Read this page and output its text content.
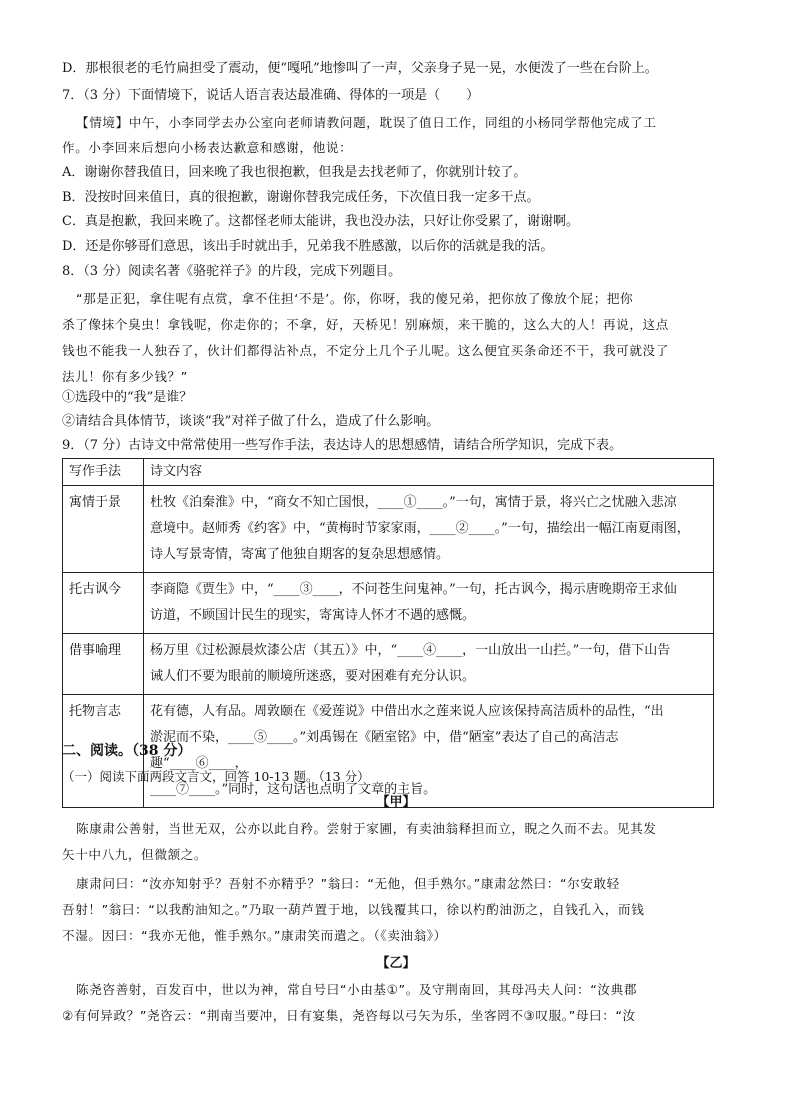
D．那根很老的毛竹扁担受了震动，便“嘎吼”地惨叫了一声，父亲身子晃一晃，水便泼了一些在台阶上。
7．（3 分）下面情境下，说话人语言表达最准确、得体的一项是（　　）
【情境】中午，小李同学去办公室向老师请教问题，耽误了值日工作，同组的小杨同学帮他完成了工
作。小李回来后想向小杨表达歉意和感谢，他说：
A．谢谢你替我值日，回来晚了我也很抱歉，但我是去找老师了，你就别计较了。
B．没按时回来值日，真的很抱歉，谢谢你替我完成任务，下次值日我一定多干点。
C．真是抱歉，我回来晚了。这都怪老师太能讲，我也没办法，只好让你受累了，谢谢啊。
D．还是你够哥们意思，该出手时就出手，兄弟我不胜感激，以后你的活就是我的活。
8．（3 分）阅读名著《骆驼祥子》的片段，完成下列题目。
“那是正犯，拿住呢有点赏，拿不住担‘不是’。你，你呀，我的傻兄弟，把你放了像放个屁；把你
杀了像抹个臭虫！拿钱呢，你走你的；不拿，好，天桥见！别麻烦，来干脆的，这么大的人！再说，这点
钱也不能我一人独吞了，伙计们都得沾补点，不定分上几个子儿呢。这么便宜买条命还不干，我可就没了
法儿！你有多少钱？”
①选段中的“我”是谁？
②请结合具体情节，谈谈“我”对祥子做了什么，造成了什么影响。
9．（7 分）古诗文中常常使用一些写作手法，表达诗人的思想感情，请结合所学知识，完成下表。
写作手法	诗文内容
寓情于景	杜牧《泊秦淮》中，“商女不知亡国恨，____①____。”一句，寓情于景，将兴亡之忧融入悲凉
意境中。赵师秀《约客》中，“黄梅时节家家雨，____②____。”一句，描绘出一幅江南夏雨图，
诗人写景寄情，寄寓了他独自期客的复杂思想感情。

托古讽今	李商隐《贾生》中，“____③____，不问苍生问鬼神。”一句，托古讽今，揭示唐晚期帝王求仙
访道，不顾国计民生的现实，寄寓诗人怀才不遇的感慨。

借事喻理	杨万里《过松源晨炊漆公店（其五）》中，“____④____，一山放出一山拦。”一句，借下山告
诫人们不要为眼前的顺境所迷惑，要对困难有充分认识。

托物言志	花有德，人有品。周敦颐在《爱莲说》中借出水之莲来说人应该保持高洁质朴的品性，“出
淤泥而不染，____⑤____。”刘禹锡在《陋室铭》中，借“陋室”表达了自己的高洁志趣“____⑥____，
____⑦____。”同时，这句话也点明了文章的主旨。
二、阅读。（38 分）
（一）阅读下面两段文言文，回答 10-13 题。（13 分）
【甲】
陈康肃公善射，当世无双，公亦以此自矜。尝射于家圃，有卖油翁释担而立，睨之久而不去。见其发
矢十中八九，但微颔之。
康肃问曰：“汝亦知射乎？吾射不亦精乎？”翁曰：“无他，但手熟尔。”康肃忿然曰：“尔安敢轻
吾射！”翁曰：“以我酌油知之。”乃取一葫芦置于地，以钱覆其口，徐以杓酌油沥之，自钱孔入，而钱
不湿。因曰：“我亦无他，惟手熟尔。”康肃笑而遣之。（《卖油翁》）
【乙】
陈尧咨善射，百发百中，世以为神，常自号曰“小由基①”。及守荆南回，其母冯夫人问：“汝典郡
②有何异政？”尧咨云：“荆南当要冲，日有宴集，尧咨每以弓矢为乐，坐客罔不③叹服。”母曰：“汝
